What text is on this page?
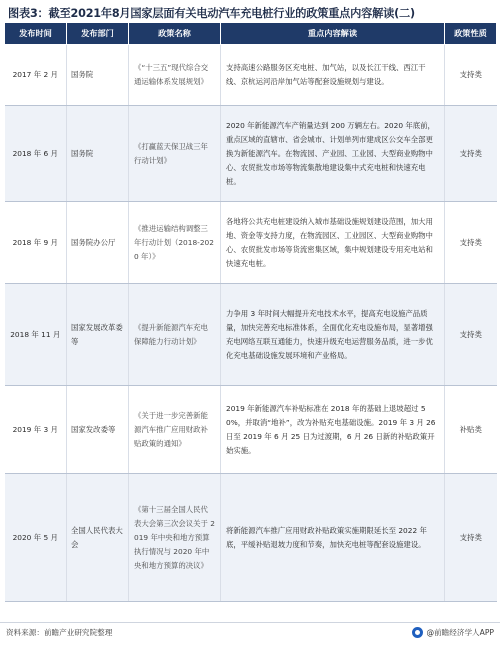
图表3：截至2021年8月国家层面有关电动汽车充电桩行业的政策重点内容解读(二)
发布时间	发布部门	政策名称	重点内容解读	政策性质
2017 年 2 月	国务院	《“十三五”现代综合交通运输体系发展规划》	支持高速公路服务区充电桩、加气站，以及长江干线、西江干线、京杭运河沿岸加气站等配套设施规划与建设。	支持类
2018 年 6 月	国务院	《打赢蓝天保卫战三年行动计划》	2020 年新能源汽车产销量达到 200 万辆左右。2020 年底前，重点区域的直辖市、省会城市、计划单列市建成区公交车全部更换为新能源汽车。在物流园、产业园、工业园、大型商业购物中心、农贸批发市场等物流集散地建设集中式充电桩和快速充电桩。	支持类
2018 年 9 月	国务院办公厅	《推进运输结构调整三年行动计划（2018-2020 年）》	各地将公共充电桩建设纳入城市基础设施规划建设范围，加大用地、资金等支持力度，在物流园区、工业园区、大型商业购物中心、农贸批发市场等货流密集区域，集中规划建设专用充电站和快速充电桩。	支持类
2018 年 11 月	国家发展改革委等	《提升新能源汽车充电保障能力行动计划》	力争用 3 年时间大幅提升充电技术水平，提高充电设施产品质量，加快完善充电标准体系，全面优化充电设施布局，显著增强充电网络互联互通能力，快速升级充电运营服务品质，进一步优化充电基础设施发展环境和产业格局。	支持类
2019 年 3 月	国家发改委等	《关于进一步完善新能源汽车推广应用财政补贴政策的通知》	2019 年新能源汽车补贴标准在 2018 年的基础上退坡超过 50%，并取消“地补”，改为补贴充电基础设施。2019 年 3 月 26 日至 2019 年 6 月 25 日为过渡期，6 月 26 日新的补贴政策开始实施。	补贴类
2020 年 5 月	全国人民代表大会	《第十三届全国人民代表大会第三次会议关于 2019 年中央和地方预算执行情况与 2020 年中央和地方预算的决议》	将新能源汽车推广应用财政补贴政策实施期限延长至 2022 年底，平缓补贴退坡力度和节奏，加快充电桩等配套设施建设。	支持类
资料来源：前瞻产业研究院整理	@前瞻经济学人APP
